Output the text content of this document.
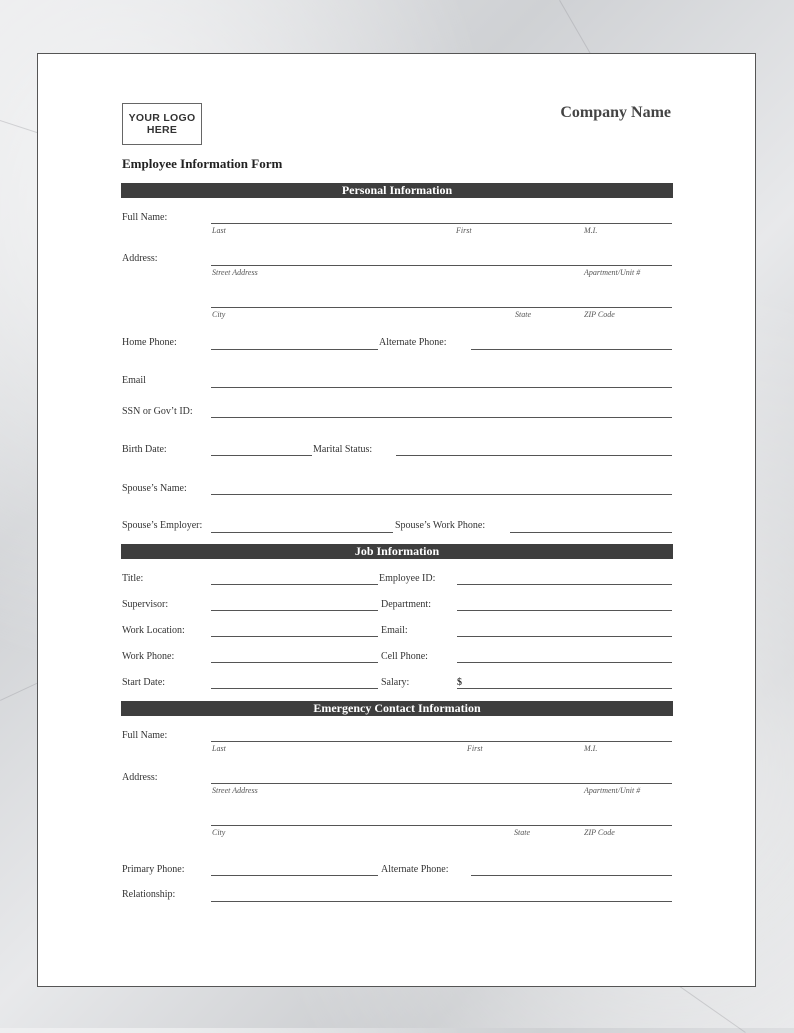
YOUR LOGO
HERE
Company Name
Employee Information Form
Personal Information
Full Name:
Last	First	M.I.
Address:
Street Address	Apartment/Unit #
City	State	ZIP Code
Home Phone:	Alternate Phone:
Email
SSN or Gov’t ID:
Birth Date:	Marital Status:
Spouse’s Name:
Spouse’s Employer:	Spouse’s Work Phone:
Job Information
Title:	Employee ID:
Supervisor:	Department:
Work Location:	Email:
Work Phone:	Cell Phone:
Start Date:	Salary:	$
Emergency Contact Information
Full Name:
Last	First	M.I.
Address:
Street Address	Apartment/Unit #
City	State	ZIP Code
Primary Phone:	Alternate Phone:
Relationship:
